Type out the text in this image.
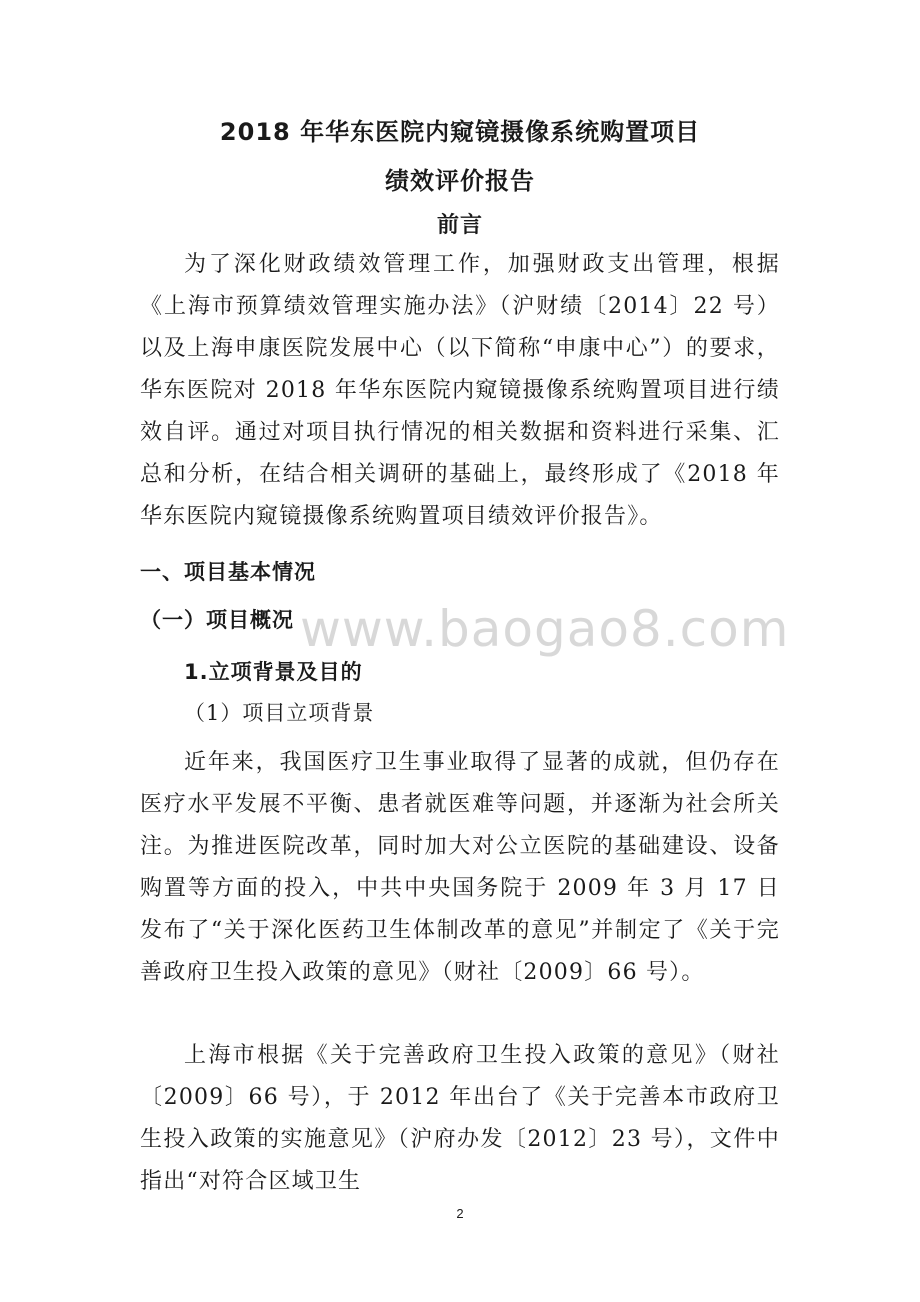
2018 年华东医院内窥镜摄像系统购置项目
绩效评价报告
前言
为了深化财政绩效管理工作，加强财政支出管理，根据《上海市预算绩效管理实施办法》（沪财绩〔2014〕22 号）以及上海申康医院发展中心（以下简称“申康中心”）的要求，华东医院对 2018 年华东医院内窥镜摄像系统购置项目进行绩效自评。通过对项目执行情况的相关数据和资料进行采集、汇总和分析，在结合相关调研的基础上，最终形成了《2018 年华东医院内窥镜摄像系统购置项目绩效评价报告》。
一、项目基本情况
（一）项目概况
1.立项背景及目的
（1）项目立项背景
近年来，我国医疗卫生事业取得了显著的成就，但仍存在医疗水平发展不平衡、患者就医难等问题，并逐渐为社会所关注。为推进医院改革，同时加大对公立医院的基础建设、设备购置等方面的投入，中共中央国务院于 2009 年 3 月 17 日发布了“关于深化医药卫生体制改革的意见”并制定了《关于完善政府卫生投入政策的意见》（财社〔2009〕66 号）。
上海市根据《关于完善政府卫生投入政策的意见》（财社〔2009〕66 号），于 2012 年出台了《关于完善本市政府卫生投入政策的实施意见》（沪府办发〔2012〕23 号），文件中指出“对符合区域卫生
www.baogao8.com
2
